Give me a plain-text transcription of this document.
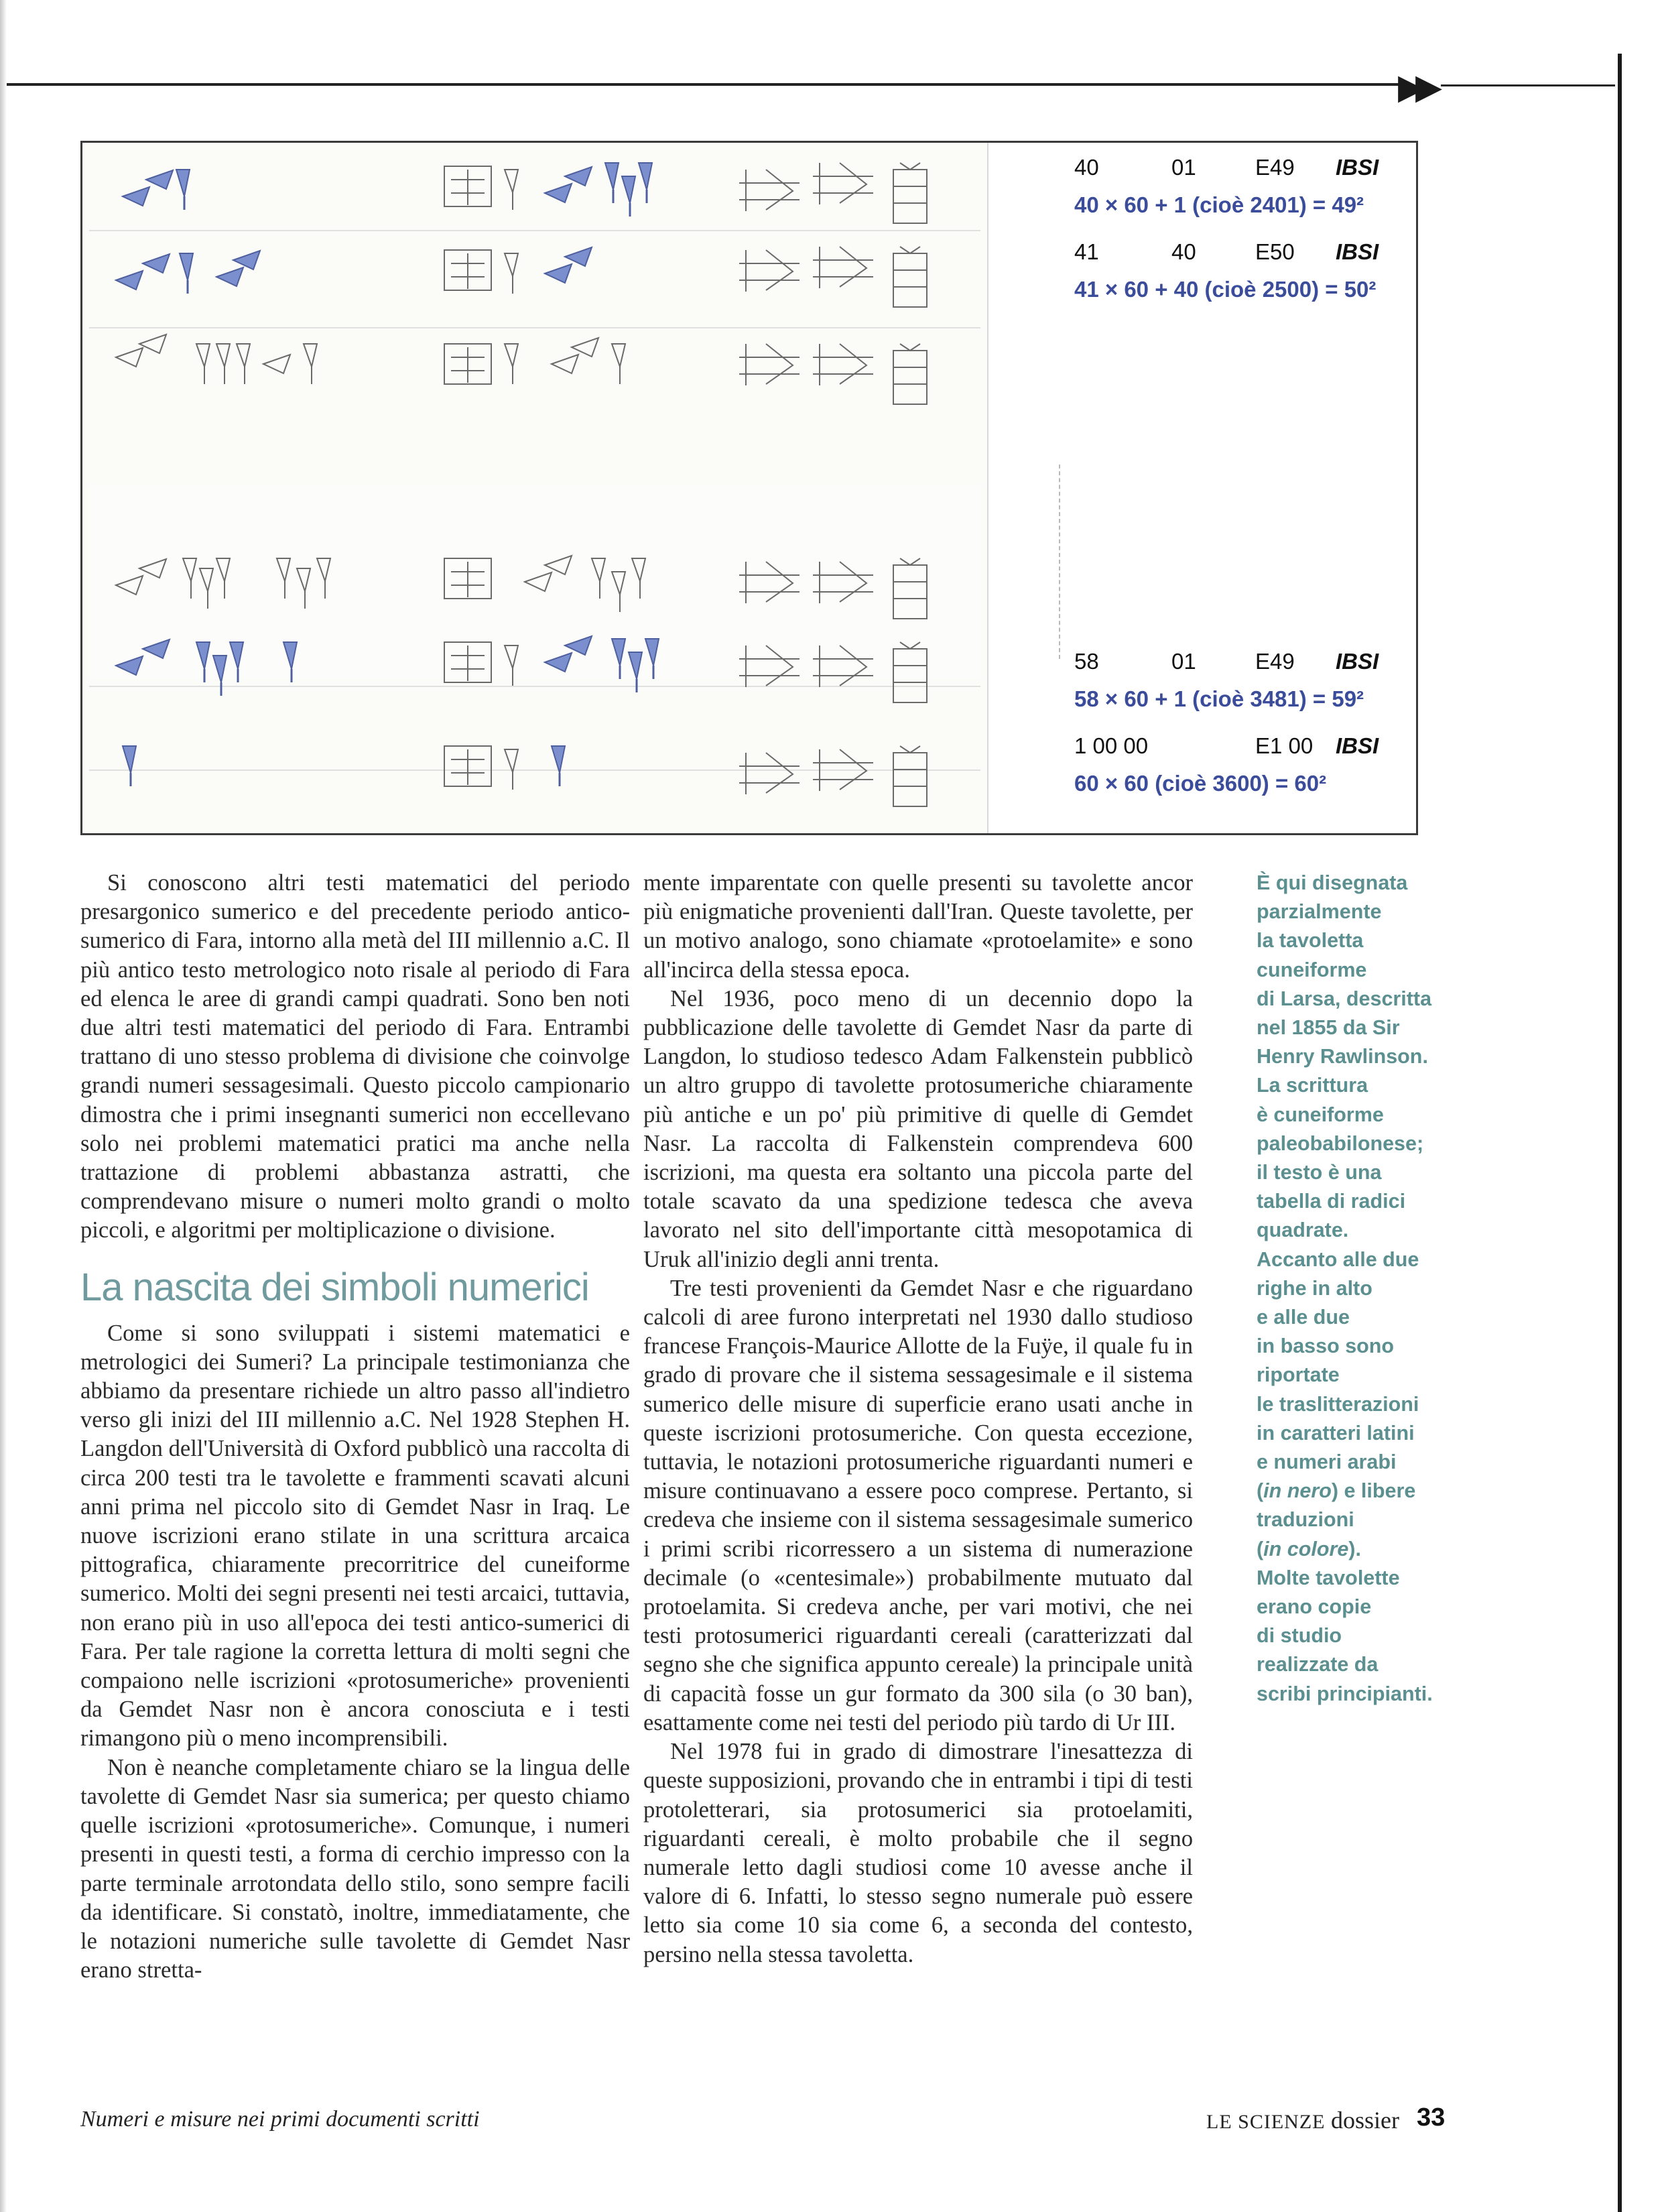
▶▶
40	01	E49 IBSI
40 × 60 + 1 (cioè 2401) = 49²
41	40	E50 IBSI
41 × 60 + 40 (cioè 2500) = 50²
58	01	E49 IBSI
58 × 60 + 1 (cioè 3481) = 59²
1 00 00	E1 00 IBSI
60 × 60 (cioè 3600) = 60²

Si conoscono altri testi matematici del periodo presargonico sumerico e del precedente periodo antico-sumerico di Fara, intorno alla metà del III millennio a.C. Il più antico testo metrologico noto risale al periodo di Fara ed elenca le aree di grandi campi quadrati. Sono ben noti due altri testi matematici del periodo di Fara. Entrambi trattano di uno stesso problema di divisione che coinvolge grandi numeri sessagesimali. Questo piccolo campionario dimostra che i primi insegnanti sumerici non eccellevano solo nei problemi matematici pratici ma anche nella trattazione di problemi abbastanza astratti, che comprendevano misure o numeri molto grandi o molto piccoli, e algoritmi per moltiplicazione o divisione.

La nascita dei simboli numerici

Come si sono sviluppati i sistemi matematici e metrologici dei Sumeri? La principale testimonianza che abbiamo da presentare richiede un altro passo all'indietro verso gli inizi del III millennio a.C. Nel 1928 Stephen H. Langdon dell'Università di Oxford pubblicò una raccolta di circa 200 testi tra le tavolette e frammenti scavati alcuni anni prima nel piccolo sito di Gemdet Nasr in Iraq. Le nuove iscrizioni erano stilate in una scrittura arcaica pittografica, chiaramente precorritrice del cuneiforme sumerico. Molti dei segni presenti nei testi arcaici, tuttavia, non erano più in uso all'epoca dei testi antico-sumerici di Fara. Per tale ragione la corretta lettura di molti segni che compaiono nelle iscrizioni «protosumeriche» provenienti da Gemdet Nasr non è ancora conosciuta e i testi rimangono più o meno incomprensibili.

Non è neanche completamente chiaro se la lingua delle tavolette di Gemdet Nasr sia sumerica; per questo chiamo quelle iscrizioni «protosumeriche». Comunque, i numeri presenti in questi testi, a forma di cerchio impresso con la parte terminale arrotondata dello stilo, sono sempre facili da identificare. Si constatò, inoltre, immediatamente, che le notazioni numeriche sulle tavolette di Gemdet Nasr erano stretta-

mente imparentate con quelle presenti su tavolette ancor più enigmatiche provenienti dall'Iran. Queste tavolette, per un motivo analogo, sono chiamate «protoelamite» e sono all'incirca della stessa epoca.

Nel 1936, poco meno di un decennio dopo la pubblicazione delle tavolette di Gemdet Nasr da parte di Langdon, lo studioso tedesco Adam Falkenstein pubblicò un altro gruppo di tavolette protosumeriche chiaramente più antiche e un po' più primitive di quelle di Gemdet Nasr. La raccolta di Falkenstein comprendeva 600 iscrizioni, ma questa era soltanto una piccola parte del totale scavato da una spedizione tedesca che aveva lavorato nel sito dell'importante città mesopotamica di Uruk all'inizio degli anni trenta.

Tre testi provenienti da Gemdet Nasr e che riguardano calcoli di aree furono interpretati nel 1930 dallo studioso francese François-Maurice Allotte de la Fuÿe, il quale fu in grado di provare che il sistema sessagesimale e il sistema sumerico delle misure di superficie erano usati anche in queste iscrizioni protosumeriche. Con questa eccezione, tuttavia, le notazioni protosumeriche riguardanti numeri e misure continuavano a essere poco comprese. Pertanto, si credeva che insieme con il sistema sessagesimale sumerico i primi scribi ricorressero a un sistema di numerazione decimale (o «centesimale») probabilmente mutuato dal protoelamita. Si credeva anche, per vari motivi, che nei testi protosumerici riguardanti cereali (caratterizzati dal segno she che significa appunto cereale) la principale unità di capacità fosse un gur formato da 300 sila (o 30 ban), esattamente come nei testi del periodo più tardo di Ur III.

Nel 1978 fui in grado di dimostrare l'inesattezza di queste supposizioni, provando che in entrambi i tipi di testi protoletterari, sia protosumerici sia protoelamiti, riguardanti cereali, è molto probabile che il segno numerale letto dagli studiosi come 10 avesse anche il valore di 6. Infatti, lo stesso segno numerale può essere letto sia come 10 sia come 6, a seconda del contesto, persino nella stessa tavoletta.

È qui disegnata
parzialmente
la tavoletta
cuneiforme
di Larsa, descritta
nel 1855 da Sir
Henry Rawlinson.
La scrittura
è cuneiforme
paleobabilonese;
il testo è una
tabella di radici
quadrate.
Accanto alle due
righe in alto
e alle due
in basso sono
riportate
le traslitterazioni
in caratteri latini
e numeri arabi
(in nero) e libere
traduzioni
(in colore).
Molte tavolette
erano copie
di studio
realizzate da
scribi principianti.
Numeri e misure nei primi documenti scritti	LE SCIENZE dossier 33
